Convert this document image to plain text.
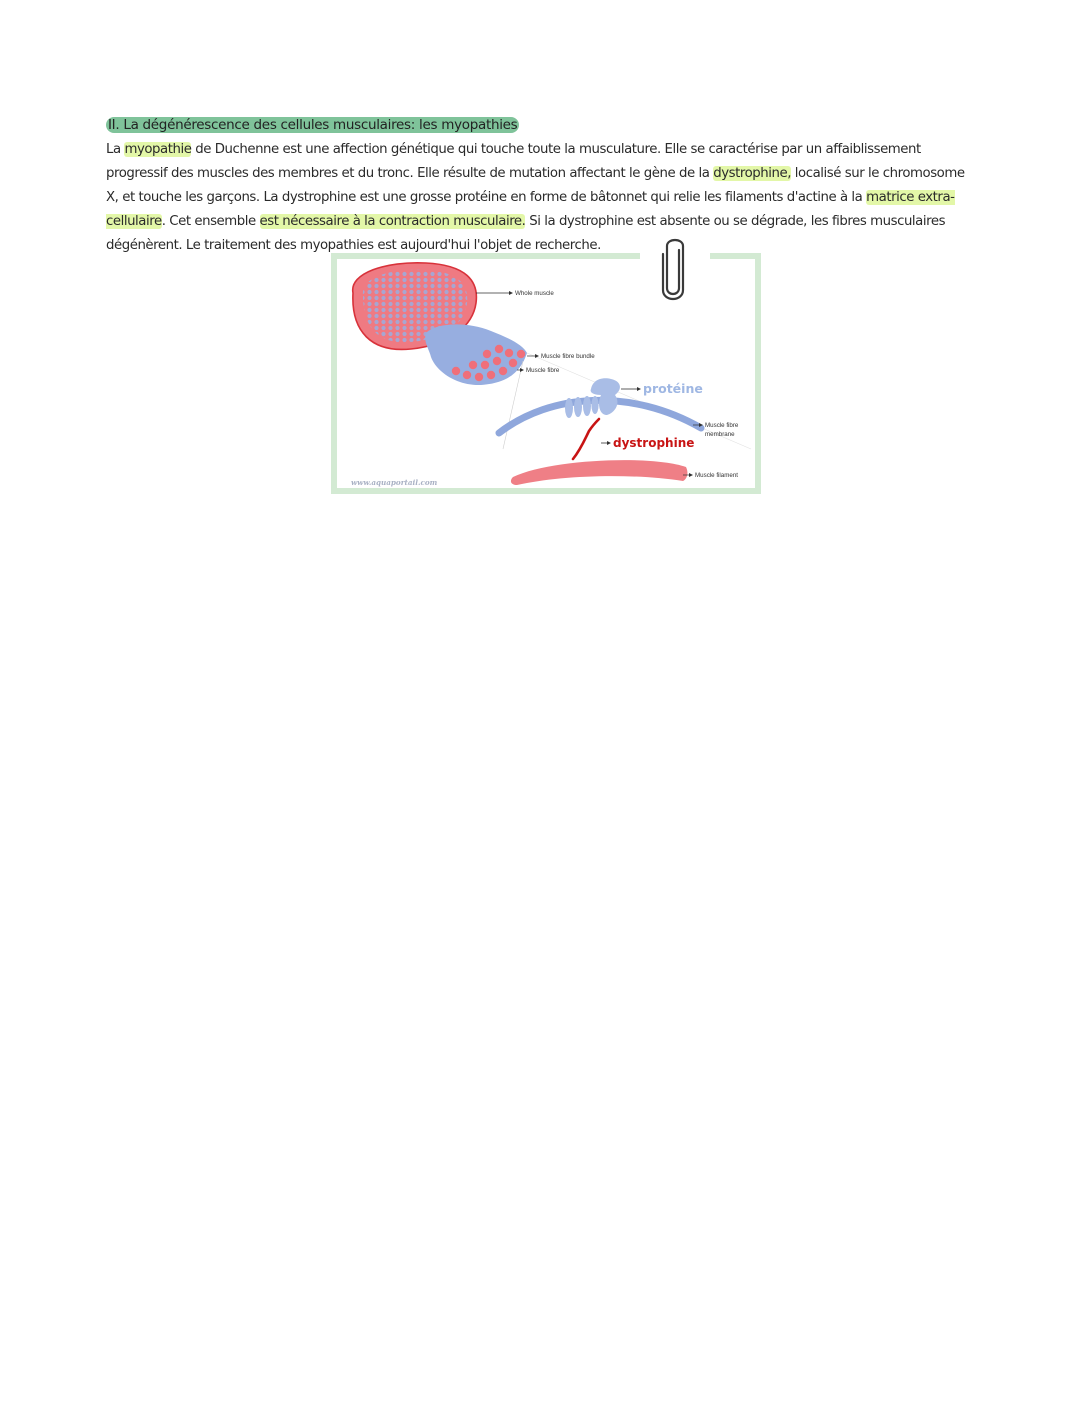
II. La dégénérescence des cellules musculaires: les myopathies

La myopathie de Duchenne est une affection génétique qui touche toute la musculature. Elle se caractérise par un affaiblissement progressif des muscles des membres et du tronc. Elle résulte de mutation affectant le gène de la dystrophine, localisé sur le chromosome X, et touche les garçons. La dystrophine est une grosse protéine en forme de bâtonnet qui relie les filaments d'actine à la matrice extra-cellulaire. Cet ensemble est nécessaire à la contraction musculaire. Si la dystrophine est absente ou se dégrade, les fibres musculaires dégénèrent. Le traitement des myopathies est aujourd'hui l'objet de recherche.

Whole muscle
Muscle fibre bundle
Muscle fibre
protéine
dystrophine
Muscle fibre
membrane
Muscle filament
www.aquaportail.com
